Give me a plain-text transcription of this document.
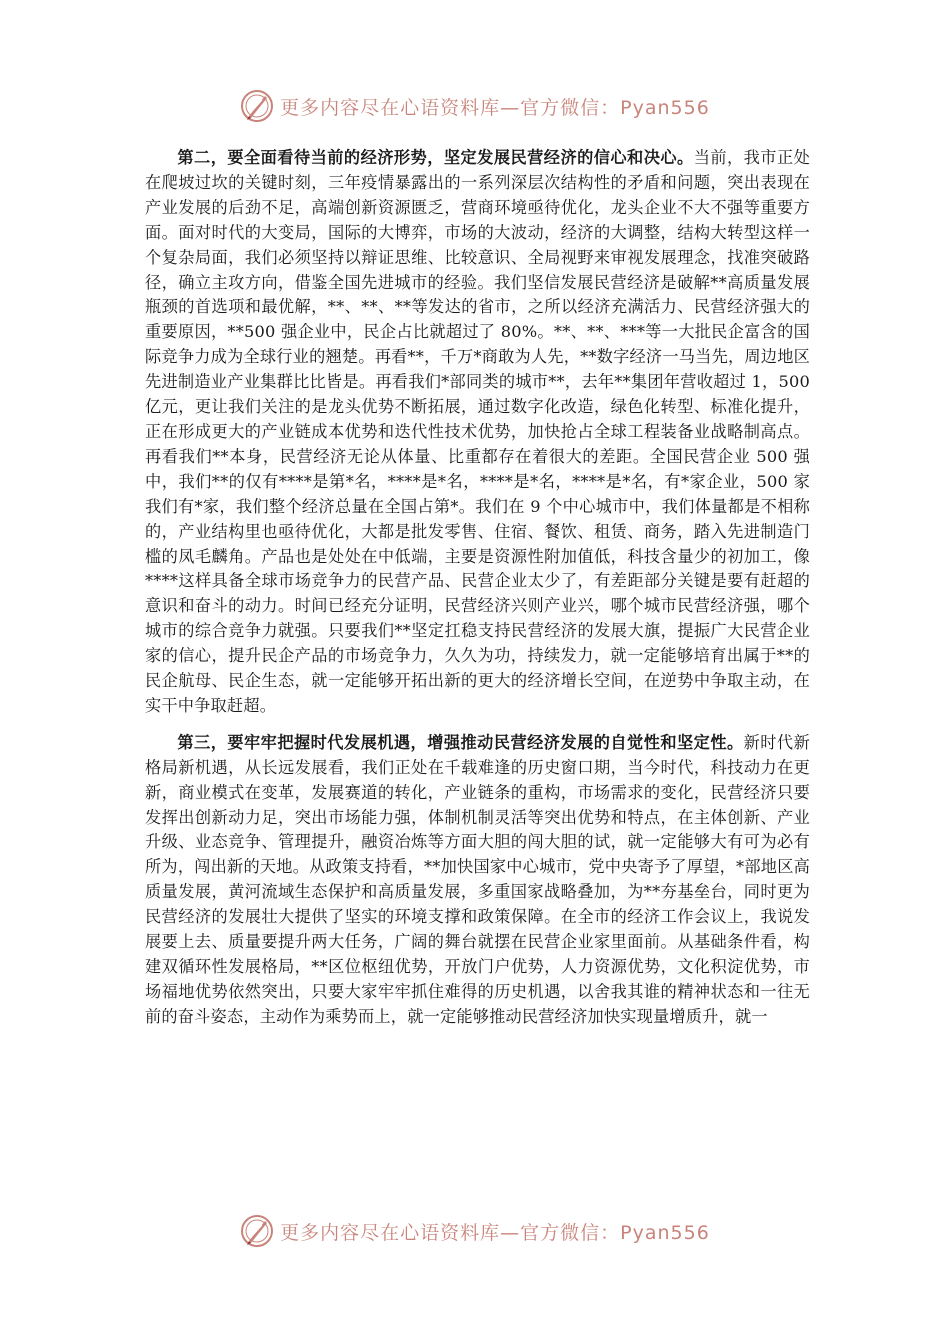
更多内容尽在心语资料库—官方微信：Pyan556

第二，要全面看待当前的经济形势，坚定发展民营经济的信心和决心。当前，我市正处在爬坡过坎的关键时刻，三年疫情暴露出的一系列深层次结构性的矛盾和问题，突出表现在产业发展的后劲不足，高端创新资源匮乏，营商环境亟待优化，龙头企业不大不强等重要方面。面对时代的大变局，国际的大博弈，市场的大波动，经济的大调整，结构大转型这样一个复杂局面，我们必须坚持以辩证思维、比较意识、全局视野来审视发展理念，找准突破路径，确立主攻方向，借鉴全国先进城市的经验。我们坚信发展民营经济是破解**高质量发展瓶颈的首选项和最优解，**、**、**等发达的省市，之所以经济充满活力、民营经济强大的重要原因，**500 强企业中，民企占比就超过了 80%。**、**、***等一大批民企富含的国际竞争力成为全球行业的翘楚。再看**，千万*商敢为人先，**数字经济一马当先，周边地区先进制造业产业集群比比皆是。再看我们*部同类的城市**，去年**集团年营收超过 1，500 亿元，更让我们关注的是龙头优势不断拓展，通过数字化改造，绿色化转型、标准化提升，正在形成更大的产业链成本优势和迭代性技术优势，加快抢占全球工程装备业战略制高点。再看我们**本身，民营经济无论从体量、比重都存在着很大的差距。全国民营企业 500 强中，我们**的仅有****是第*名，****是*名，****是*名，****是*名，有*家企业，500 家我们有*家，我们整个经济总量在全国占第*。我们在 9 个中心城市中，我们体量都是不相称的，产业结构里也亟待优化，大都是批发零售、住宿、餐饮、租赁、商务，踏入先进制造门槛的凤毛麟角。产品也是处处在中低端，主要是资源性附加值低，科技含量少的初加工，像****这样具备全球市场竞争力的民营产品、民营企业太少了，有差距部分关键是要有赶超的意识和奋斗的动力。时间已经充分证明，民营经济兴则产业兴，哪个城市民营经济强，哪个城市的综合竞争力就强。只要我们**坚定扛稳支持民营经济的发展大旗，提振广大民营企业家的信心，提升民企产品的市场竞争力，久久为功，持续发力，就一定能够培育出属于**的民企航母、民企生态，就一定能够开拓出新的更大的经济增长空间，在逆势中争取主动，在实干中争取赶超。

第三，要牢牢把握时代发展机遇，增强推动民营经济发展的自觉性和坚定性。新时代新格局新机遇，从长远发展看，我们正处在千载难逢的历史窗口期，当今时代，科技动力在更新，商业模式在变革，发展赛道的转化，产业链条的重构，市场需求的变化，民营经济只要发挥出创新动力足，突出市场能力强，体制机制灵活等突出优势和特点，在主体创新、产业升级、业态竞争、管理提升，融资冶炼等方面大胆的闯大胆的试，就一定能够大有可为必有所为，闯出新的天地。从政策支持看，**加快国家中心城市，党中央寄予了厚望，*部地区高质量发展，黄河流域生态保护和高质量发展，多重国家战略叠加，为**夯基垒台，同时更为民营经济的发展壮大提供了坚实的环境支撑和政策保障。在全市的经济工作会议上，我说发展要上去、质量要提升两大任务，广阔的舞台就摆在民营企业家里面前。从基础条件看，构建双循环性发展格局，**区位枢纽优势，开放门户优势，人力资源优势，文化积淀优势，市场福地优势依然突出，只要大家牢牢抓住难得的历史机遇，以舍我其谁的精神状态和一往无前的奋斗姿态，主动作为乘势而上，就一定能够推动民营经济加快实现量增质升，就一

更多内容尽在心语资料库—官方微信：Pyan556
